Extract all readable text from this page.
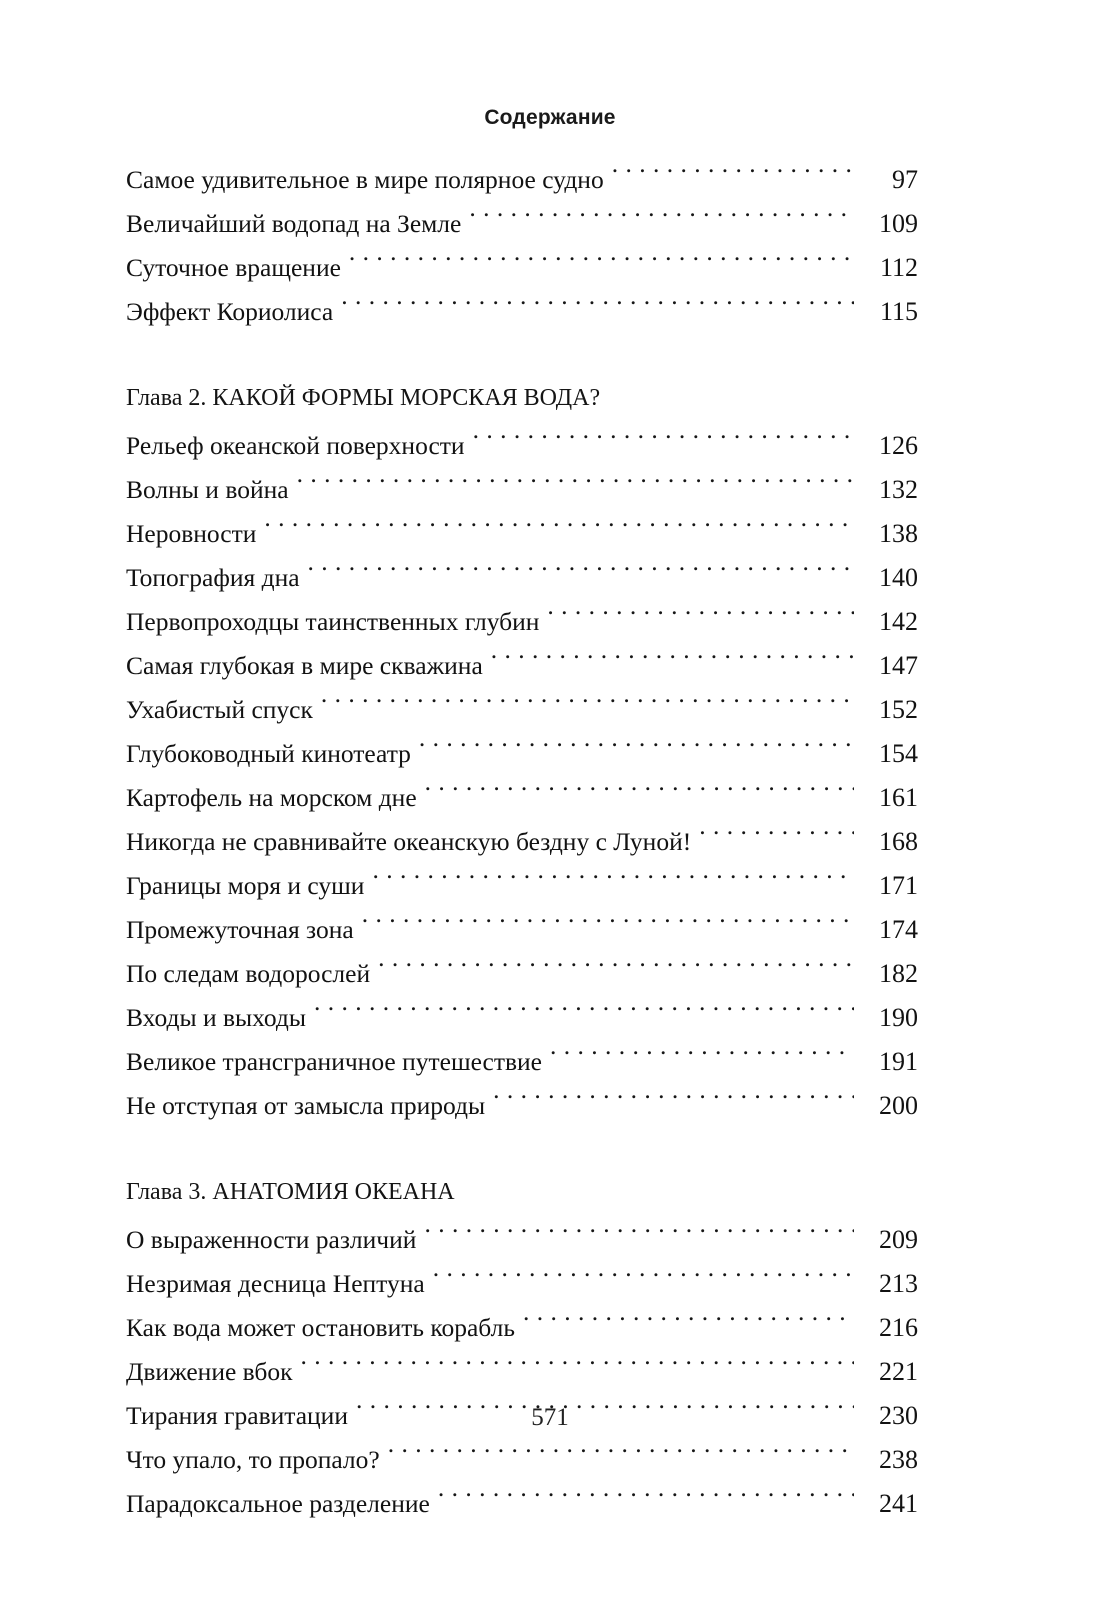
Содержание
Самое удивительное в мире полярное судно . . .	97
Величайший водопад на Земле . . .	109
Суточное вращение . . .	112
Эффект Кориолиса . . .	115
Глава 2. КАКОЙ ФОРМЫ МОРСКАЯ ВОДА?
Рельеф океанской поверхности . . .	126
Волны и война . . .	132
Неровности . . .	138
Топография дна . . .	140
Первопроходцы таинственных глубин . . .	142
Самая глубокая в мире скважина . . .	147
Ухабистый спуск . . .	152
Глубоководный кинотеатр . . .	154
Картофель на морском дне . . .	161
Никогда не сравнивайте океанскую бездну с Луной! . . .	168
Границы моря и суши . . .	171
Промежуточная зона . . .	174
По следам водорослей . . .	182
Входы и выходы . . .	190
Великое трансграничное путешествие . . .	191
Не отступая от замысла природы . . .	200
Глава 3. АНАТОМИЯ ОКЕАНА
О выраженности различий . . .	209
Незримая десница Нептуна . . .	213
Как вода может остановить корабль . . .	216
Движение вбок . . .	221
Тирания гравитации . . .	230
Что упало, то пропало? . . .	238
Парадоксальное разделение . . .	241
571
